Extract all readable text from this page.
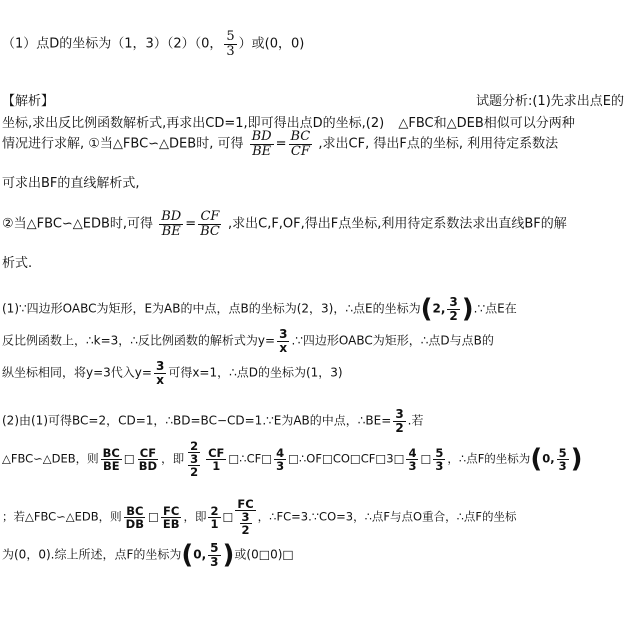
（1）点D的坐标为（1，3）（2）（0， $\frac{5}{3}$ ）或(0，0)
【解析】	试题分析:(1)先求出点E的
坐标,求出反比例函数解析式,再求出CD=1,即可得出点D的坐标,(2) △FBC和△DEB相似可以分两种
情况进行求解, ①当△FBC∽△DEB时, 可得 $\frac{BD}{BE} = \frac{BC}{CF}$ ,求出CF, 得出F点的坐标, 利用待定系数法
可求出BF的直线解析式,
②当△FBC∽△EDB时,可得 $\frac{BD}{BE} = \frac{CF}{BC}$ ,求出C,F,OF,得出F点坐标,利用待定系数法求出直线BF的解
析式.
(1)∵四边形OABC为矩形，E为AB的中点，点B的坐标为(2，3)，∴点E的坐标为(2, $\frac{3}{2}$ ).∵点E在
反比例函数上，∴k=3，∴反比例函数的解析式为$y= \frac{3}{x}$ .∵四边形OABC为矩形，∴点D与点B的
纵坐标相同，将y=3代入$y= \frac{3}{x}$ 可得x=1，∴点D的坐标为(1，3)
(2)由(1)可得BC=2，CD=1，∴BD=BC−CD=1.∵E为AB的中点，∴BE= $\frac{3}{2}$ .若
△FBC∽△DEB，则 $\frac{BC}{BE}$ □ $\frac{CF}{BD}$ ，即 $\frac{2}{\frac{3}{2}} \frac{CF}{1}$ □∴CF□ $\frac{4}{3}$ □∴OF□CO□CF□3□ $\frac{4}{3}$ □ $\frac{5}{3}$ ，∴点F的坐标为(0, $\frac{5}{3}$ )
；若△FBC∽△EDB，则 $\frac{BC}{DB}$ □ $\frac{FC}{EB}$ ，即 $\frac{2}{1}$ □ $\frac{FC}{\frac{3}{2}}$ ，∴FC=3.∵CO=3，∴点F与点O重合，∴点F的坐标
为(0，0).综上所述，点F的坐标为(0, $\frac{5}{3}$ )或(0□0)□
